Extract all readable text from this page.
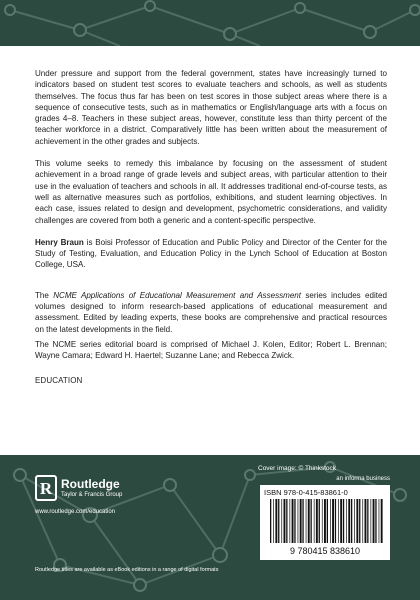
Under pressure and support from the federal government, states have increasingly turned to indicators based on student test scores to evaluate teachers and schools, as well as students themselves. The focus thus far has been on test scores in those subject areas where there is a sequence of consecutive tests, such as in mathematics or English/language arts with a focus on grades 4–8. Teachers in these subject areas, however, constitute less than thirty percent of the teacher workforce in a district. Comparatively little has been written about the measurement of achievement in the other grades and subjects.

This volume seeks to remedy this imbalance by focusing on the assessment of student achievement in a broad range of grade levels and subject areas, with particular attention to their use in the evaluation of teachers and schools in all. It addresses traditional end-of-course tests, as well as alternative measures such as portfolios, exhibitions, and student learning objectives. In each case, issues related to design and development, psychometric considerations, and validity challenges are covered from both a generic and a content-specific perspective.

Henry Braun is Boisi Professor of Education and Public Policy and Director of the Center for the Study of Testing, Evaluation, and Education Policy in the Lynch School of Education at Boston College, USA.

The NCME Applications of Educational Measurement and Assessment series includes edited volumes designed to inform research-based applications of educational measurement and assessment. Edited by leading experts, these books are comprehensive and practical resources on the latest developments in the field.

The NCME series editorial board is comprised of Michael J. Kolen, Editor; Robert L. Brennan; Wayne Camara; Edward H. Haertel; Suzanne Lane; and Rebecca Zwick.

EDUCATION
R Routledge
Taylor & Francis Group
www.routledge.com/education
Cover image: © Thinkstock
an informa business
ISBN 978-0-415-83861-0
9 780415 838610
Routledge titles are available as eBook editions in a range of digital formats
